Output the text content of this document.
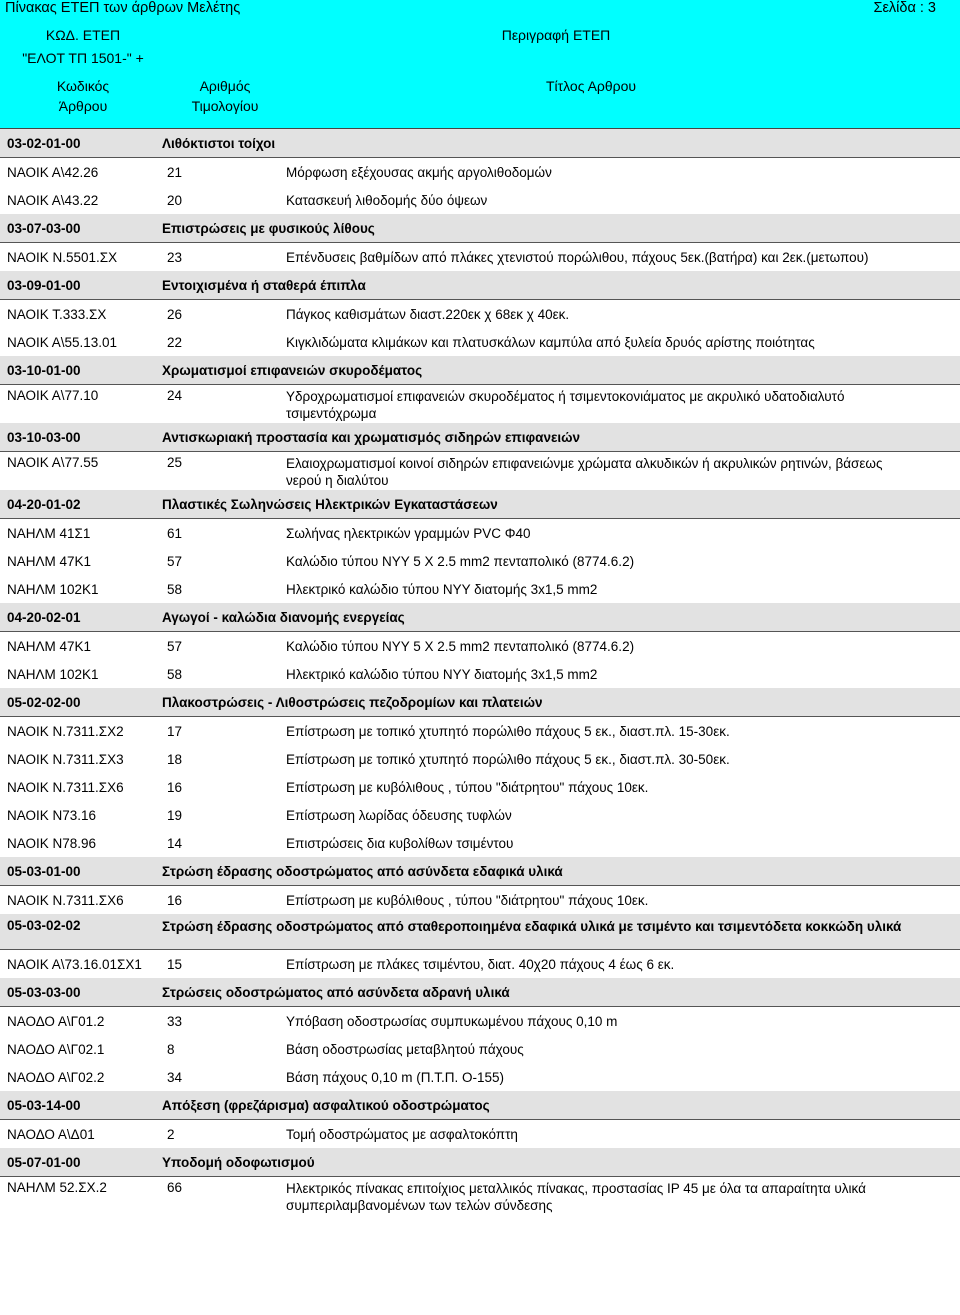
Πίνακας ΕΤΕΠ των άρθρων Μελέτης	Σελίδα : 3
ΚΩΔ. ΕΤΕΠ
"ΕΛΟΤ ΤΠ 1501-" +
Περιγραφή ΕΤΕΠ
Κωδικός
Άρθρου
Αριθμός
Τιμολογίου
Τίτλος Αρθρου
03-02-01-00	Λιθόκτιστοι τοίχοι
ΝΑΟΙΚ Α\42.26	21	Μόρφωση εξέχουσας ακμής αργολιθοδομών
ΝΑΟΙΚ Α\43.22	20	Κατασκευή λιθοδομής δύο όψεων
03-07-03-00	Επιστρώσεις με φυσικούς λίθους
ΝΑΟΙΚ Ν.5501.ΣΧ	23	Επένδυσεις βαθμίδων από πλάκες χτενιστού πορώλιθου, πάχους 5εκ.(βατήρα) και 2εκ.(μετωπου)
03-09-01-00	Εντοιχισμένα ή σταθερά έπιπλα
ΝΑΟΙΚ Τ.333.ΣΧ	26	Πάγκος καθισμάτων διαστ.220εκ χ 68εκ χ 40εκ.
ΝΑΟΙΚ Α\55.13.01	22	Κιγκλιδώματα κλιμάκων και πλατυσκάλων καμπύλα από ξυλεία δρυός αρίστης ποιότητας
03-10-01-00	Χρωματισμοί επιφανειών σκυροδέματος
ΝΑΟΙΚ Α\77.10	24	Υδροχρωματισμοί επιφανειών σκυροδέματος ή τσιμεντοκονιάματος με ακρυλικό υδατοδιαλυτό τσιμεντόχρωμα
03-10-03-00	Αντισκωριακή προστασία και χρωματισμός σιδηρών επιφανειών
ΝΑΟΙΚ Α\77.55	25	Ελαιοχρωματισμοί κοινοί σιδηρών επιφανειώνμε χρώματα αλκυδικών ή ακρυλικών ρητινών, βάσεως νερού η διαλύτου
04-20-01-02	Πλαστικές Σωληνώσεις Ηλεκτρικών Εγκαταστάσεων
ΝΑΗΛΜ 41Σ1	61	Σωλήνας ηλεκτρικών γραμμών PVC Φ40
ΝΑΗΛΜ 47Κ1	57	Καλώδιο τύπου ΝΥΥ 5 Χ 2.5 mm2 πενταπολικό (8774.6.2)
ΝΑΗΛΜ 102Κ1	58	Ηλεκτρικό καλώδιο τύπου NYY διατομής 3x1,5 mm2
04-20-02-01	Αγωγοί - καλώδια διανομής ενεργείας
ΝΑΗΛΜ 47Κ1	57	Καλώδιο τύπου ΝΥΥ 5 Χ 2.5 mm2 πενταπολικό (8774.6.2)
ΝΑΗΛΜ 102Κ1	58	Ηλεκτρικό καλώδιο τύπου NYY διατομής 3x1,5 mm2
05-02-02-00	Πλακοστρώσεις - Λιθοστρώσεις πεζοδρομίων και πλατειών
ΝΑΟΙΚ Ν.7311.ΣΧ2	17	Επίστρωση με τοπικό χτυπητό πορώλιθο πάχους 5 εκ., διαστ.πλ. 15-30εκ.
ΝΑΟΙΚ Ν.7311.ΣΧ3	18	Επίστρωση με τοπικό χτυπητό πορώλιθο πάχους 5 εκ., διαστ.πλ. 30-50εκ.
ΝΑΟΙΚ Ν.7311.ΣΧ6	16	Επίστρωση με κυβόλιθους , τύπου "διάτρητου" πάχους 10εκ.
ΝΑΟΙΚ Ν73.16	19	Επίστρωση λωρίδας όδευσης τυφλών
ΝΑΟΙΚ Ν78.96	14	Επιστρώσεις δια κυβολίθων τσιμέντου
05-03-01-00	Στρώση έδρασης οδοστρώματος από ασύνδετα εδαφικά υλικά
ΝΑΟΙΚ Ν.7311.ΣΧ6	16	Επίστρωση με κυβόλιθους , τύπου "διάτρητου" πάχους 10εκ.
05-03-02-02	Στρώση έδρασης οδοστρώματος από σταθεροποιημένα εδαφικά υλικά με τσιμέντο και τσιμεντόδετα κοκκώδη υλικά
ΝΑΟΙΚ Α\73.16.01ΣΧ1	15	Επίστρωση με πλάκες τσιμέντου, διατ. 40χ20 πάχους 4 έως 6 εκ.
05-03-03-00	Στρώσεις οδοστρώματος από ασύνδετα αδρανή υλικά
ΝΑΟΔΟ Α\Γ01.2	33	Υπόβαση οδοστρωσίας συμπυκωμένου πάχους 0,10 m
ΝΑΟΔΟ Α\Γ02.1	8	Βάση οδοστρωσίας μεταβλητού πάχους
ΝΑΟΔΟ Α\Γ02.2	34	Βάση πάχους 0,10 m (Π.Τ.Π. Ο-155)
05-03-14-00	Απόξεση (φρεζάρισμα) ασφαλτικού οδοστρώματος
ΝΑΟΔΟ Α\Δ01	2	Τομή οδοστρώματος με ασφαλτοκόπτη
05-07-01-00	Υποδομή οδοφωτισμού
ΝΑΗΛΜ 52.ΣΧ.2	66	Ηλεκτρικός πίνακας επιτοίχιος μεταλλικός πίνακας, προστασίας IP 45 με όλα τα απαραίτητα υλικά συμπεριλαμβανομένων των τελών σύνδεσης
